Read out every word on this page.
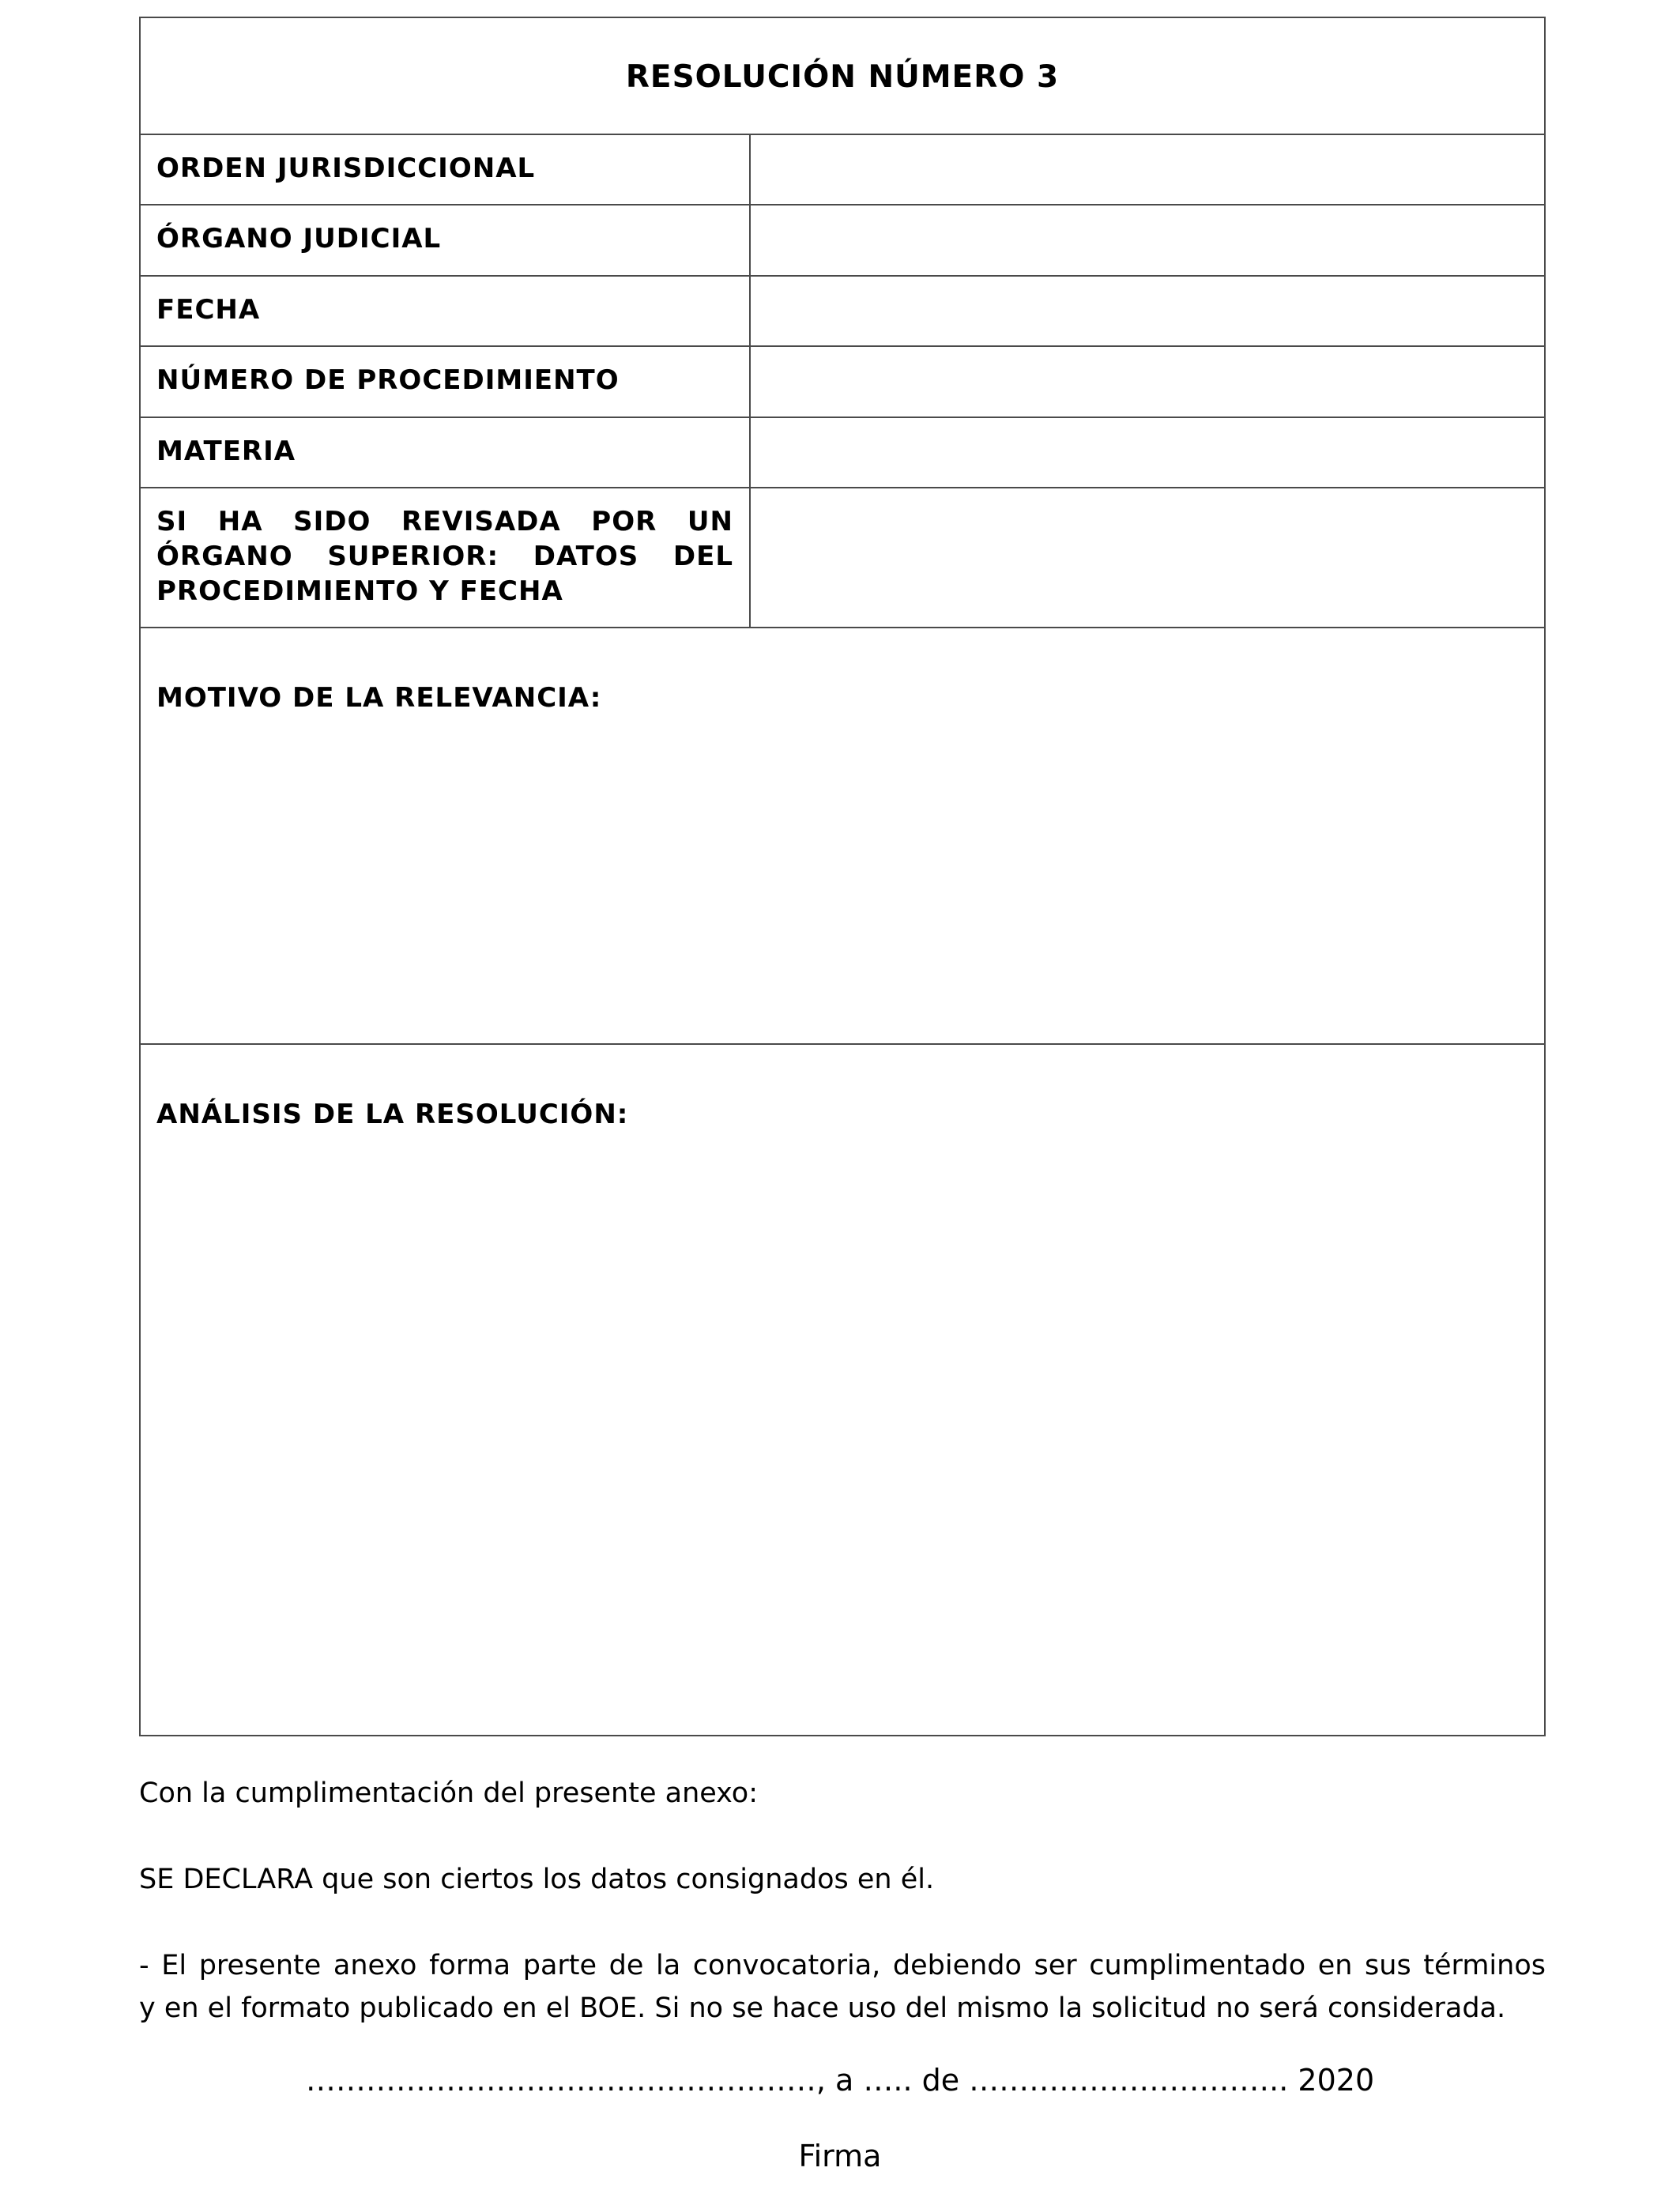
RESOLUCIÓN NÚMERO 3
ORDEN JURISDICCIONAL
ÓRGANO JUDICIAL
FECHA
NÚMERO DE PROCEDIMIENTO
MATERIA
SI HA SIDO REVISADA POR UN ÓRGANO SUPERIOR: DATOS DEL PROCEDIMIENTO Y FECHA
MOTIVO DE LA RELEVANCIA:
ANÁLISIS DE LA RESOLUCIÓN:
Con la cumplimentación del presente anexo:
SE DECLARA que son ciertos los datos consignados en él.
- El presente anexo forma parte de la convocatoria, debiendo ser cumplimentado en sus términos
y en el formato publicado en el BOE. Si no se hace uso del mismo la solicitud no será considerada.
……………………………………………, a ….. de ………………………….. 2020
Firma
